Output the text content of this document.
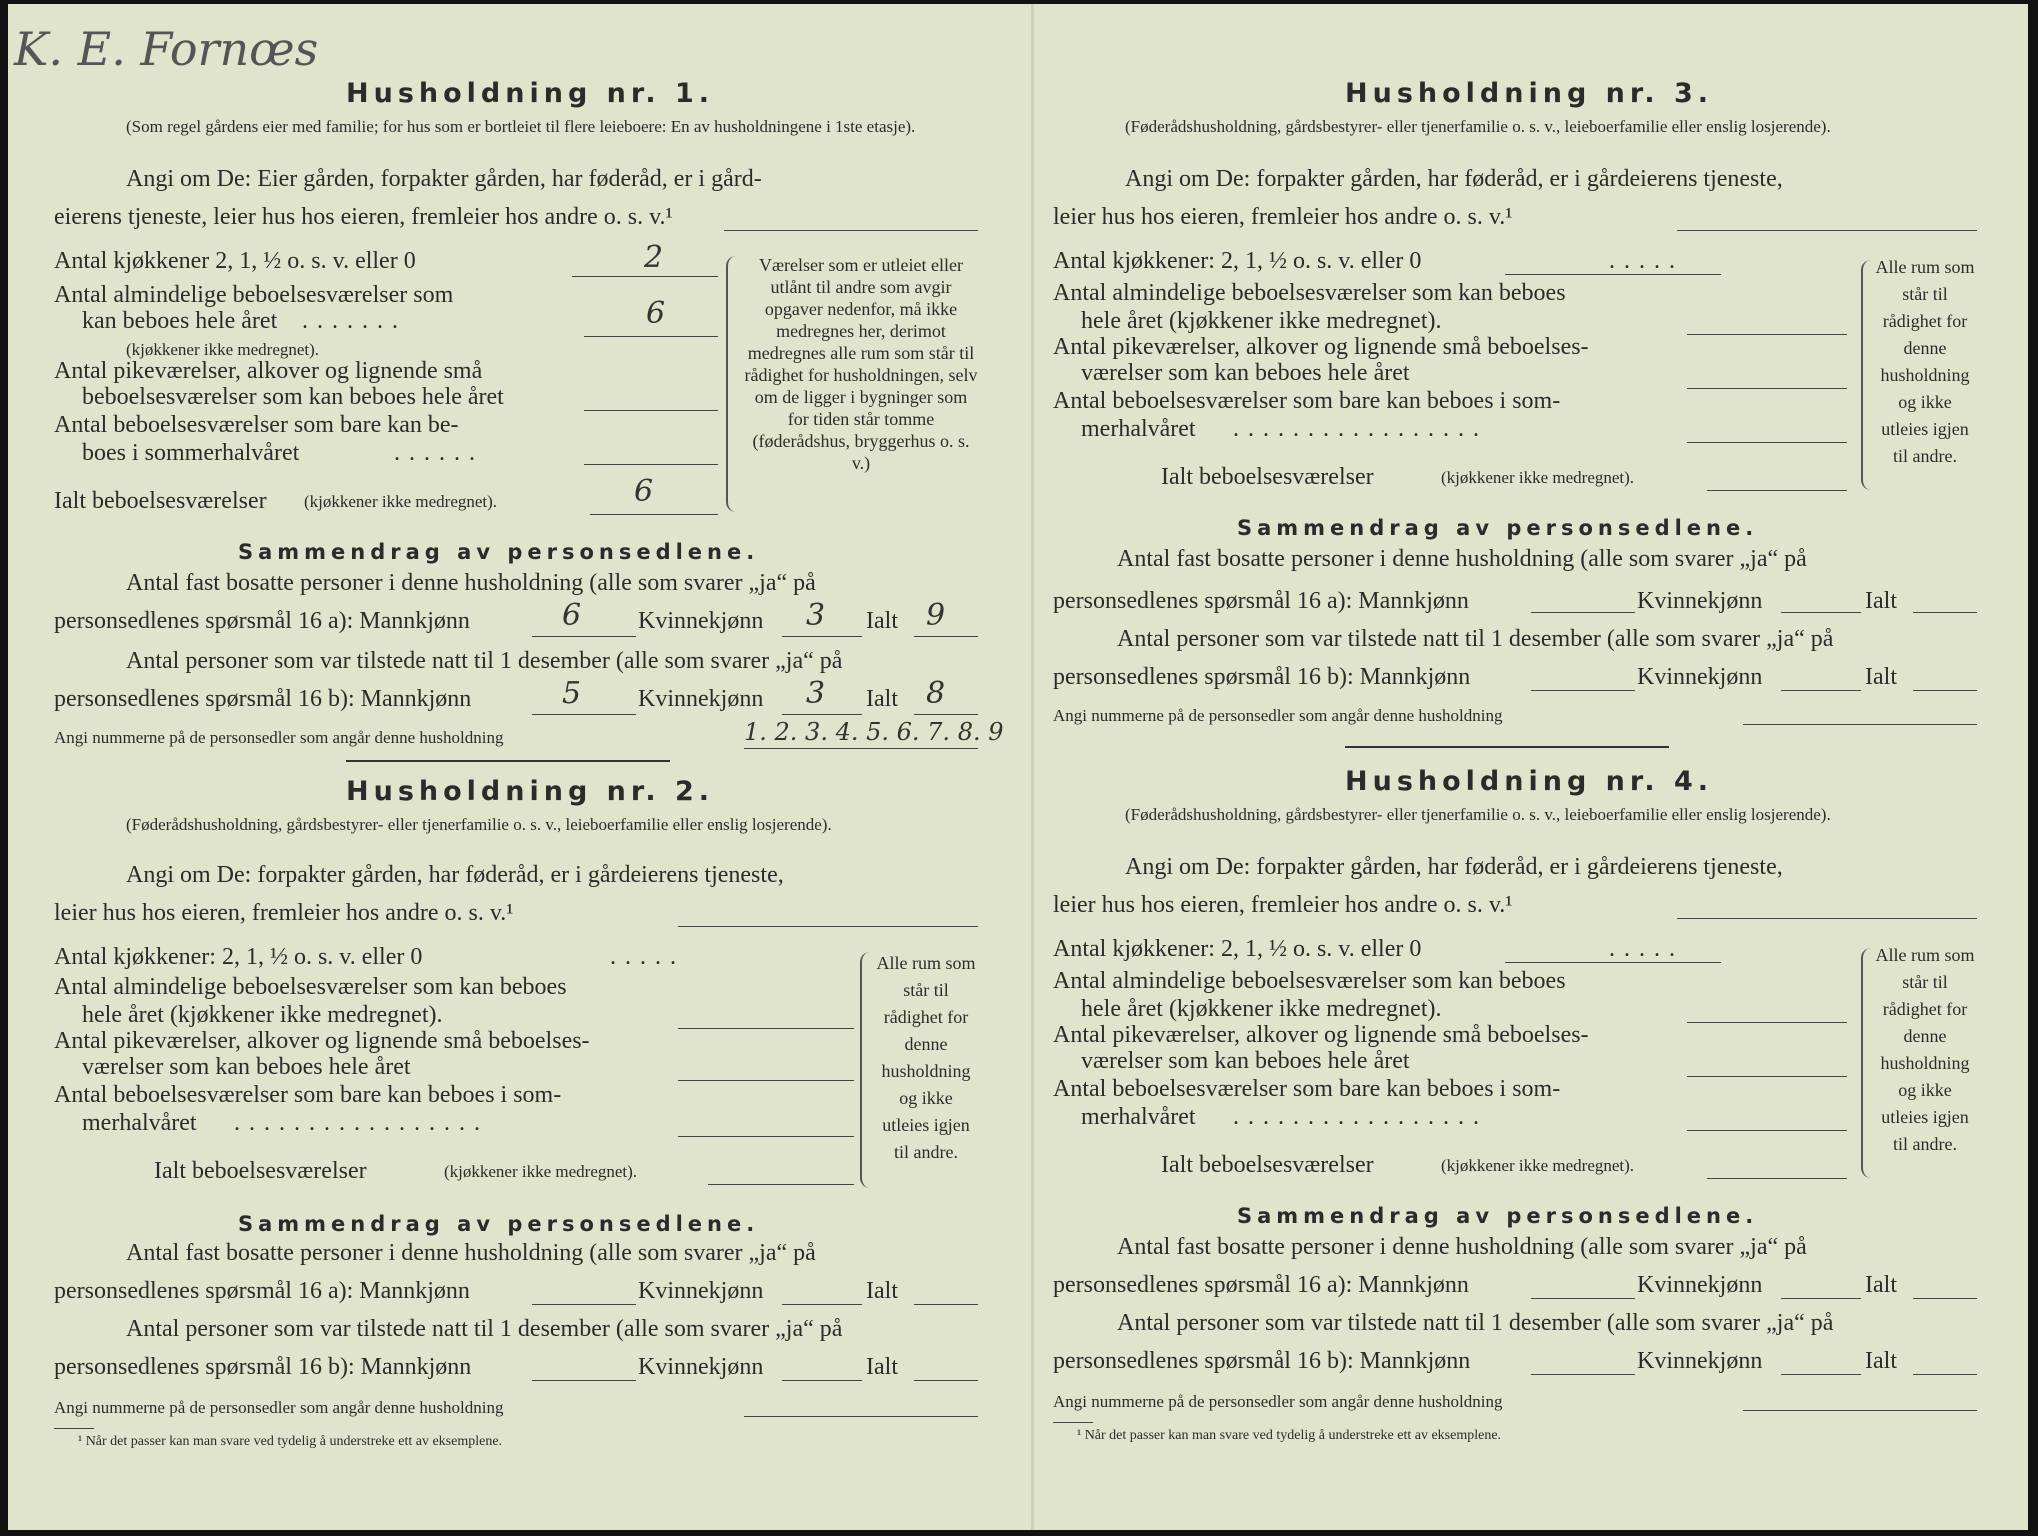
K. E. Fornœs
Husholdning nr. 1.
(Som regel gårdens eier med familie; for hus som er bortleiet til flere leieboere: En av husholdningene i 1ste etasje).
Angi om De: Eier gården, forpakter gården, har føderåd, er i gård-
eierens tjeneste, leier hus hos eieren, fremleier hos andre o. s. v.¹
Antal kjøkkener 2, 1, ½ o. s. v. eller 0	2
Antal almindelige beboelsesværelser som
kan beboes hele året .......	6
(kjøkkener ikke medregnet).
Antal pikeværelser, alkover og lignende små
beboelsesværelser som kan beboes hele året
Antal beboelsesværelser som bare kan be-
boes i sommerhalvåret	......
Ialt beboelsesværelser (kjøkkener ikke medregnet).	6
Værelser som er utleiet eller utlånt til andre som avgir opgaver nedenfor, må ikke medregnes her, derimot medregnes alle rum som står til rådighet for husholdningen, selv om de ligger i bygninger som for tiden står tomme (føderådshus, bryggerhus o. s. v.)
Sammendrag av personsedlene.
Antal fast bosatte personer i denne husholdning (alle som svarer „ja“ på
personsedlenes spørsmål 16 a): Mannkjønn	6 Kvinnekjønn 3 Ialt 9
Antal personer som var tilstede natt til 1 desember (alle som svarer „ja“ på
personsedlenes spørsmål 16 b): Mannkjønn	5 Kvinnekjønn 3 Ialt 8
Angi nummerne på de personsedler som angår denne husholdning	1. 2. 3. 4. 5. 6. 7. 8. 9
Husholdning nr. 2.
(Føderådshusholdning, gårdsbestyrer- eller tjenerfamilie o. s. v., leieboerfamilie eller enslig losjerende).
Angi om De: forpakter gården, har føderåd, er i gårdeierens tjeneste,
leier hus hos eieren, fremleier hos andre o. s. v.¹
Antal kjøkkener: 2, 1, ½ o. s. v. eller 0	.....
Antal almindelige beboelsesværelser som kan beboes
hele året (kjøkkener ikke medregnet).
Antal pikeværelser, alkover og lignende små beboelses-
værelser som kan beboes hele året
Antal beboelsesværelser som bare kan beboes i som-
merhalvåret .................
Ialt beboelsesværelser	(kjøkkener ikke medregnet).
Alle rum som står til rådighet for denne husholdning og ikke utleies igjen til andre.
Sammendrag av personsedlene.
Antal fast bosatte personer i denne husholdning (alle som svarer „ja“ på
personsedlenes spørsmål 16 a): Mannkjønn	Kvinnekjønn	Ialt
Antal personer som var tilstede natt til 1 desember (alle som svarer „ja“ på
personsedlenes spørsmål 16 b): Mannkjønn	Kvinnekjønn	Ialt
Angi nummerne på de personsedler som angår denne husholdning
¹ Når det passer kan man svare ved tydelig å understreke ett av eksemplene.
Husholdning nr. 3.
(Føderådshusholdning, gårdsbestyrer- eller tjenerfamilie o. s. v., leieboerfamilie eller enslig losjerende).
Angi om De: forpakter gården, har føderåd, er i gårdeierens tjeneste,
leier hus hos eieren, fremleier hos andre o. s. v.¹
Antal kjøkkener: 2, 1, ½ o. s. v. eller 0	.....
Antal almindelige beboelsesværelser som kan beboes
hele året (kjøkkener ikke medregnet).
Antal pikeværelser, alkover og lignende små beboelses-
værelser som kan beboes hele året
Antal beboelsesværelser som bare kan beboes i som-
merhalvåret .................
Ialt beboelsesværelser	(kjøkkener ikke medregnet).
Alle rum som står til rådighet for denne husholdning og ikke utleies igjen til andre.
Sammendrag av personsedlene.
Antal fast bosatte personer i denne husholdning (alle som svarer „ja“ på
personsedlenes spørsmål 16 a): Mannkjønn	Kvinnekjønn	Ialt
Antal personer som var tilstede natt til 1 desember (alle som svarer „ja“ på
personsedlenes spørsmål 16 b): Mannkjønn	Kvinnekjønn	Ialt
Angi nummerne på de personsedler som angår denne husholdning
Husholdning nr. 4.
(Føderådshusholdning, gårdsbestyrer- eller tjenerfamilie o. s. v., leieboerfamilie eller enslig losjerende).
Angi om De: forpakter gården, har føderåd, er i gårdeierens tjeneste,
leier hus hos eieren, fremleier hos andre o. s. v.¹
Antal kjøkkener: 2, 1, ½ o. s. v. eller 0	.....
Antal almindelige beboelsesværelser som kan beboes
hele året (kjøkkener ikke medregnet).
Antal pikeværelser, alkover og lignende små beboelses-
værelser som kan beboes hele året
Antal beboelsesværelser som bare kan beboes i som-
merhalvåret .................
Ialt beboelsesværelser	(kjøkkener ikke medregnet).
Alle rum som står til rådighet for denne husholdning og ikke utleies igjen til andre.
Sammendrag av personsedlene.
Antal fast bosatte personer i denne husholdning (alle som svarer „ja“ på
personsedlenes spørsmål 16 a): Mannkjønn	Kvinnekjønn	Ialt
Antal personer som var tilstede natt til 1 desember (alle som svarer „ja“ på
personsedlenes spørsmål 16 b): Mannkjønn	Kvinnekjønn	Ialt
Angi nummerne på de personsedler som angår denne husholdning
¹ Når det passer kan man svare ved tydelig å understreke ett av eksemplene.
